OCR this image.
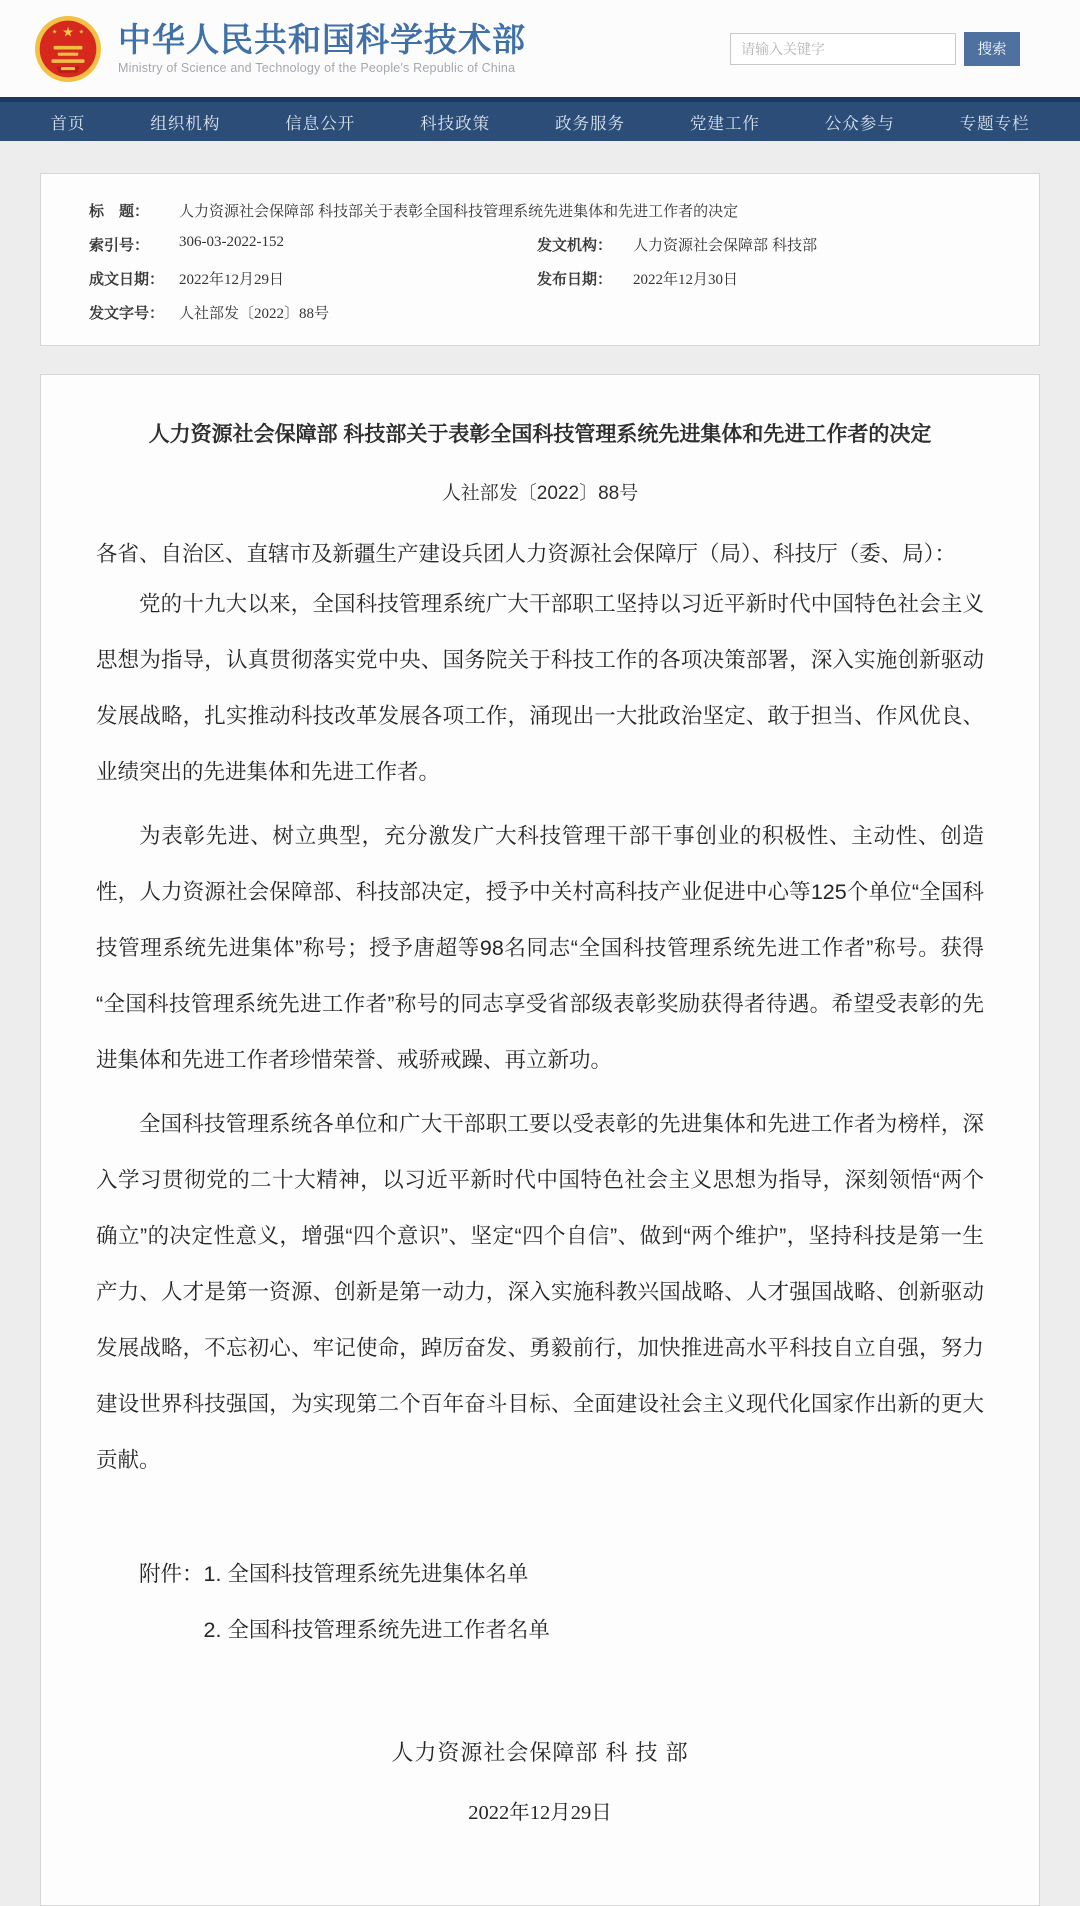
★
★	★ 中华人民共和国科学技术部
Ministry of Science and Technology of the People's Republic of China
请输入关键字
搜索
首页	组织机构	信息公开	科技政策	政务服务	党建工作	公众参与	专题专栏
标　题：	人力资源社会保障部 科技部关于表彰全国科技管理系统先进集体和先进工作者的决定
索引号：	306-03-2022-152	发文机构：	人力资源社会保障部 科技部
成文日期： 2022年12月29日	发布日期：	2022年12月30日
发文字号： 人社部发〔2022〕88号
人力资源社会保障部 科技部关于表彰全国科技管理系统先进集体和先进工作者的决定
人社部发〔2022〕88号
各省、自治区、直辖市及新疆生产建设兵团人力资源社会保障厅（局）、科技厅（委、局）：

党的十九大以来，全国科技管理系统广大干部职工坚持以习近平新时代中国特色社会主义思想为指导，认真贯彻落实党中央、国务院关于科技工作的各项决策部署，深入实施创新驱动发展战略，扎实推动科技改革发展各项工作，涌现出一大批政治坚定、敢于担当、作风优良、业绩突出的先进集体和先进工作者。

为表彰先进、树立典型，充分激发广大科技管理干部干事创业的积极性、主动性、创造性，人力资源社会保障部、科技部决定，授予中关村高科技产业促进中心等125个单位“全国科技管理系统先进集体”称号；授予唐超等98名同志“全国科技管理系统先进工作者”称号。获得“全国科技管理系统先进工作者”称号的同志享受省部级表彰奖励获得者待遇。希望受表彰的先进集体和先进工作者珍惜荣誉、戒骄戒躁、再立新功。

全国科技管理系统各单位和广大干部职工要以受表彰的先进集体和先进工作者为榜样，深入学习贯彻党的二十大精神，以习近平新时代中国特色社会主义思想为指导，深刻领悟“两个确立”的决定性意义，增强“四个意识”、坚定“四个自信”、做到“两个维护”，坚持科技是第一生产力、人才是第一资源、创新是第一动力，深入实施科教兴国战略、人才强国战略、创新驱动发展战略，不忘初心、牢记使命，踔厉奋发、勇毅前行，加快推进高水平科技自立自强，努力建设世界科技强国，为实现第二个百年奋斗目标、全面建设社会主义现代化国家作出新的更大贡献。

附件： 1. 全国科技管理系统先进集体名单
2. 全国科技管理系统先进工作者名单
人力资源社会保障部 科 技 部
2022年12月29日
